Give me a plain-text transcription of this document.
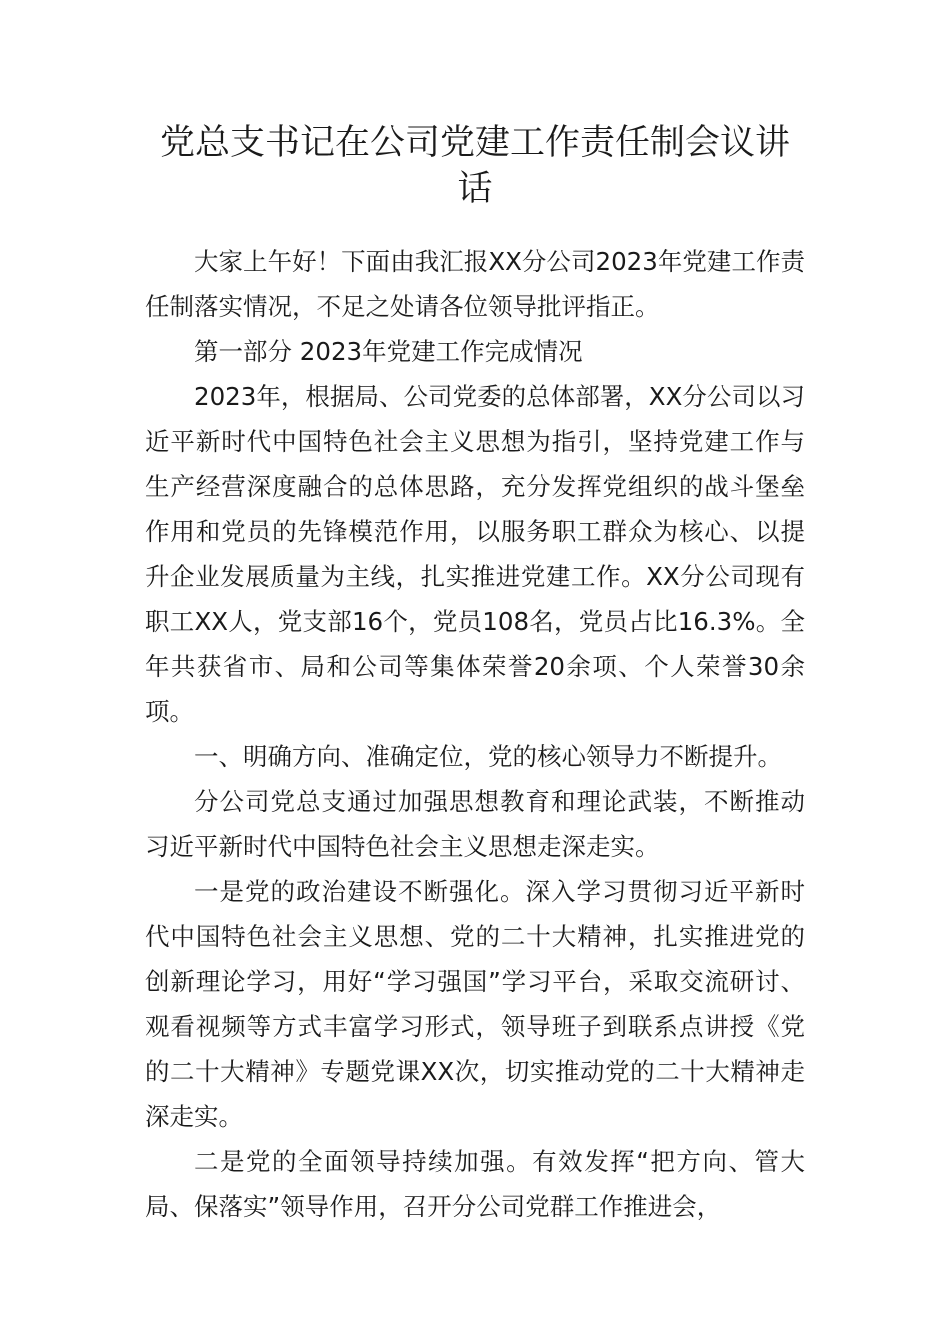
党总支书记在公司党建工作责任制会议讲话

大家上午好！下面由我汇报XX分公司2023年党建工作责任制落实情况，不足之处请各位领导批评指正。

第一部分 2023年党建工作完成情况

2023年，根据局、公司党委的总体部署，XX分公司以习近平新时代中国特色社会主义思想为指引，坚持党建工作与生产经营深度融合的总体思路，充分发挥党组织的战斗堡垒作用和党员的先锋模范作用，以服务职工群众为核心、以提升企业发展质量为主线，扎实推进党建工作。XX分公司现有职工XX人，党支部16个，党员108名，党员占比16.3%。全年共获省市、局和公司等集体荣誉20余项、个人荣誉30余项。

一、明确方向、准确定位，党的核心领导力不断提升。

分公司党总支通过加强思想教育和理论武装，不断推动习近平新时代中国特色社会主义思想走深走实。

一是党的政治建设不断强化。深入学习贯彻习近平新时代中国特色社会主义思想、党的二十大精神，扎实推进党的创新理论学习，用好“学习强国”学习平台，采取交流研讨、观看视频等方式丰富学习形式，领导班子到联系点讲授《党的二十大精神》专题党课XX次，切实推动党的二十大精神走深走实。

二是党的全面领导持续加强。有效发挥“把方向、管大局、保落实”领导作用，召开分公司党群工作推进会，
